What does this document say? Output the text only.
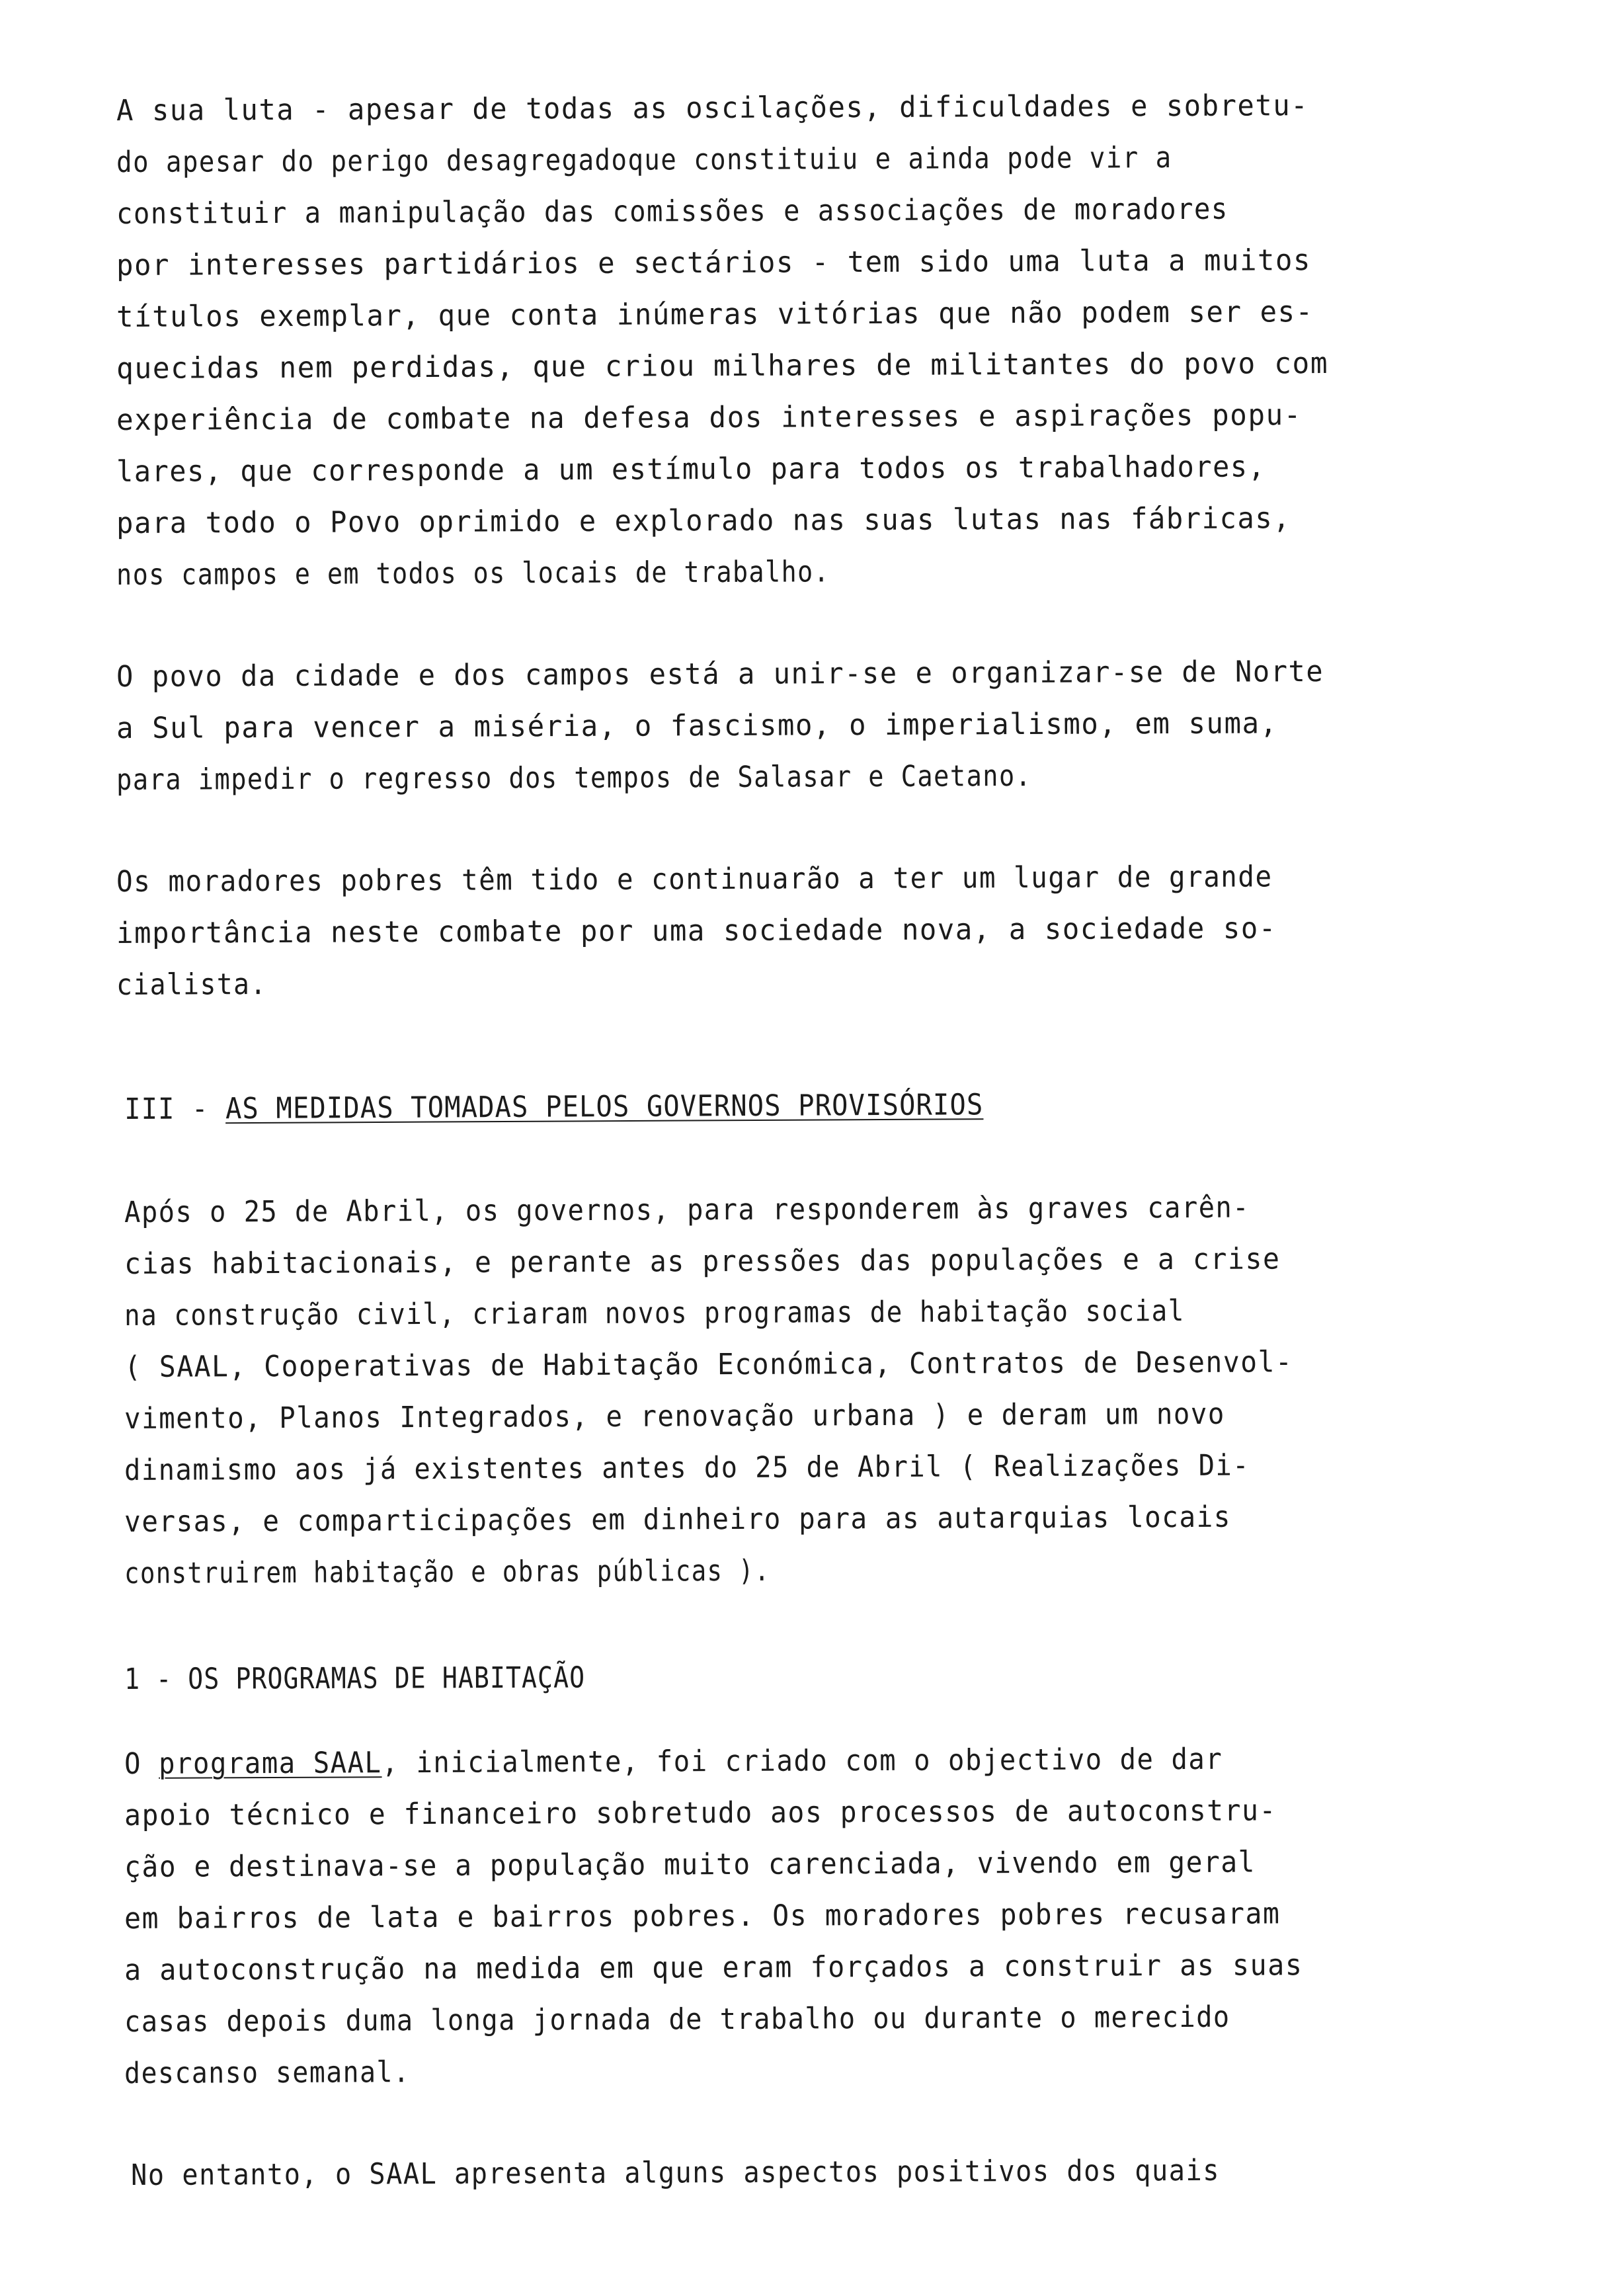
A sua luta - apesar de todas as oscilações, dificuldades e sobretu-
do apesar do perigo desagregadoque constituiu e ainda pode vir a
constituir a manipulação das comissões e associações de moradores
por interesses partidários e sectários - tem sido uma luta a muitos
títulos exemplar, que conta inúmeras vitórias que não podem ser es-
quecidas nem perdidas, que criou milhares de militantes do povo com
experiência de combate na defesa dos interesses e aspirações popu-
lares, que corresponde a um estímulo para todos os trabalhadores,
para todo o Povo oprimido e explorado nas suas lutas nas fábricas,
nos campos e em todos os locais de trabalho.
O povo da cidade e dos campos está a unir-se e organizar-se de Norte
a Sul para vencer a miséria, o fascismo, o imperialismo, em suma,
para impedir o regresso dos tempos de Salasar e Caetano.
Os moradores pobres têm tido e continuarão a ter um lugar de grande
importância neste combate por uma sociedade nova, a sociedade so-
cialista.
III - AS MEDIDAS TOMADAS PELOS GOVERNOS PROVISÓRIOS
Após o 25 de Abril, os governos, para responderem às graves carên-
cias habitacionais, e perante as pressões das populações e a crise
na construção civil, criaram novos programas de habitação social
( SAAL, Cooperativas de Habitação Económica, Contratos de Desenvol-
vimento, Planos Integrados, e renovação urbana ) e deram um novo
dinamismo aos já existentes antes do 25 de Abril ( Realizações Di-
versas, e comparticipações em dinheiro para as autarquias locais
construirem habitação e obras públicas ).
1 - OS PROGRAMAS DE HABITAÇÃO
O programa SAAL, inicialmente, foi criado com o objectivo de dar
apoio técnico e financeiro sobretudo aos processos de autoconstru-
ção e destinava-se a população muito carenciada, vivendo em geral
em bairros de lata e bairros pobres. Os moradores pobres recusaram
a autoconstrução na medida em que eram forçados a construir as suas
casas depois duma longa jornada de trabalho ou durante o merecido
descanso semanal.
No entanto, o SAAL apresenta alguns aspectos positivos dos quais
